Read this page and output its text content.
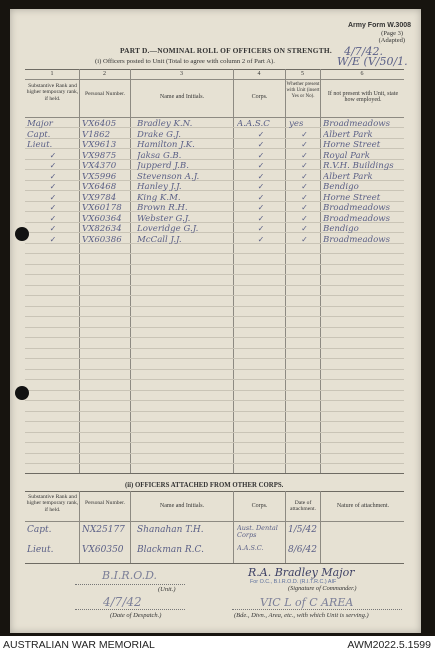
Army Form W.3008
(Page 3)
(Adapted)
4/7/42.
PART D.—NOMINAL ROLL OF OFFICERS ON STRENGTH.
(i) Officers posted to Unit (Total to agree with column 2 of Part A).	W/E (V/50/1.
1	2	3	4	5	6
Substantive Rank and higher temporary rank, if held.
Personal Number.	Name and Initials.	Corps.
Whether present with Unit (insert Yes or No).	If not present with Unit, state how employed.
Major	VX6405	Bradley K.N.	A.A.S.C	yes	Broadmeadows
Capt.	V1862	Drake G.J.	✓	✓	Albert Park
Lieut.	VX9613	Hamilton J.K.	✓	✓	Horne Street
✓	VX9875	Jaksa G.B.	✓	✓	Royal Park
✓	VX4370	Jupperd J.B.	✓	✓	R.V.H. Buildings
✓	VX5996	Stevenson A.J.	✓	✓	Albert Park
✓	VX6468	Hanley J.J.	✓	✓	Bendigo
✓	VX9784	King K.M.	✓	✓	Horne Street
✓	VX60178	Brown R.H.	✓	✓	Broadmeadows
✓	VX60364	Webster G.J.	✓	✓	Broadmeadows
✓	VX82634	Loveridge G.J.	✓	✓	Bendigo
✓	VX60386	McCall J.J.	✓	✓	Broadmeadows
(ii) OFFICERS ATTACHED FROM OTHER CORPS.
Substantive Rank and higher temporary rank, if held.
Personal Number.	Name and Initials.	Corps.	Date of attachment.
Nature of attachment.
Capt.	NX25177	Shanahan T.H.	Aust. Dental Corps	1/5/42
Lieut.	VX60350	Blackman R.C.	A.A.S.C.	8/6/42
B.I.R.O.D.
(Unit.)
R.A. Bradley Major
For O.C., B.I.R.O.D. (R.I.T.R.C.) AIF
(Signature of Commander.)
4/7/42
(Date of Despatch.)
VIC L of C AREA
(Bde., Divn., Area, etc., with which Unit is serving.)
AUSTRALIAN WAR MEMORIAL	AWM2022.5.1599
